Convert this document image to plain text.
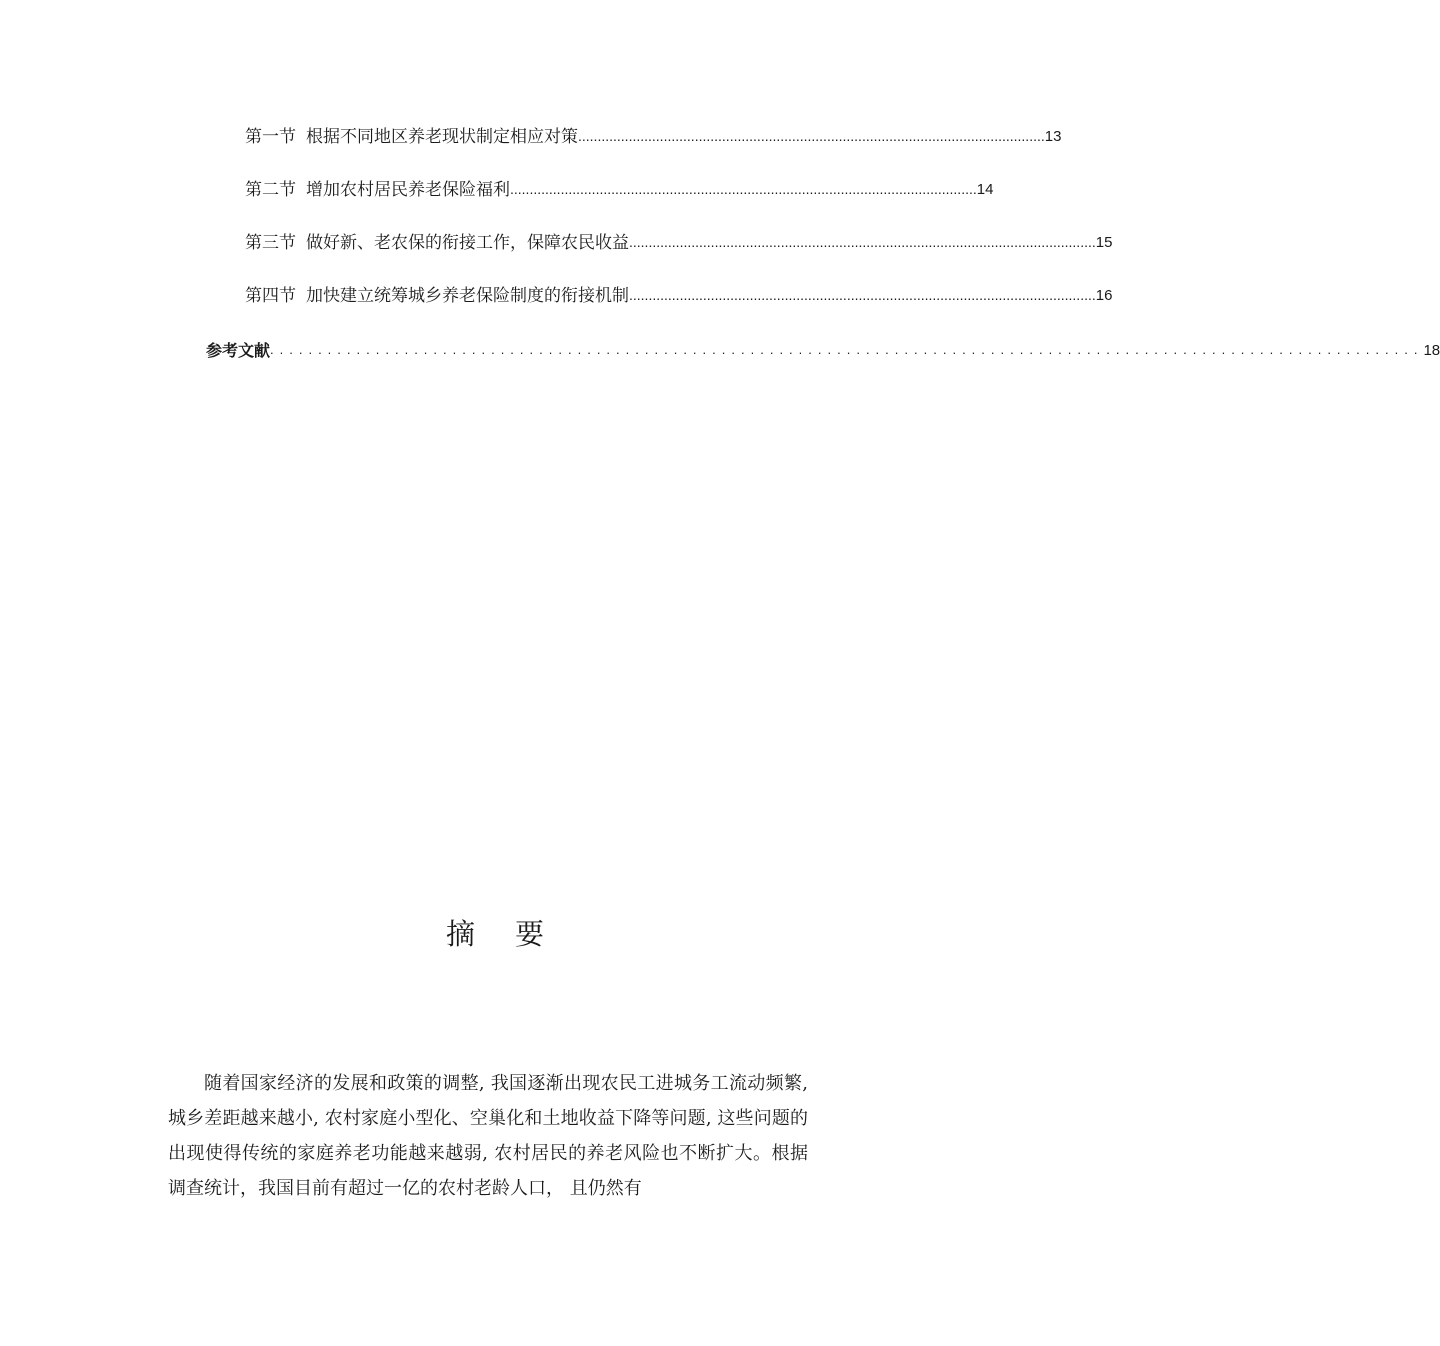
第一节 根据不同地区养老现状制定相应对策 ........................................................................................................................ 13
第二节 增加农村居民养老保险福利 ........................................................................................................................ 14
第三节 做好新、老农保的衔接工作，保障农民收益 ........................................................................................................................ 15
第四节 加快建立统筹城乡养老保险制度的衔接机制 ........................................................................................................................ 16
参考文献 ........................................................................................................................ 18
摘要

随着国家经济的发展和政策的调整, 我国逐渐出现农民工进城务工流动频繁, 城乡差距越来越小, 农村家庭小型化、空巢化和土地收益下降等问题, 这些问题的出现使得传统的家庭养老功能越来越弱, 农村居民的养老风险也不断扩大。根据调查统计，我国目前有超过一亿的农村老龄人口， 且仍然有
